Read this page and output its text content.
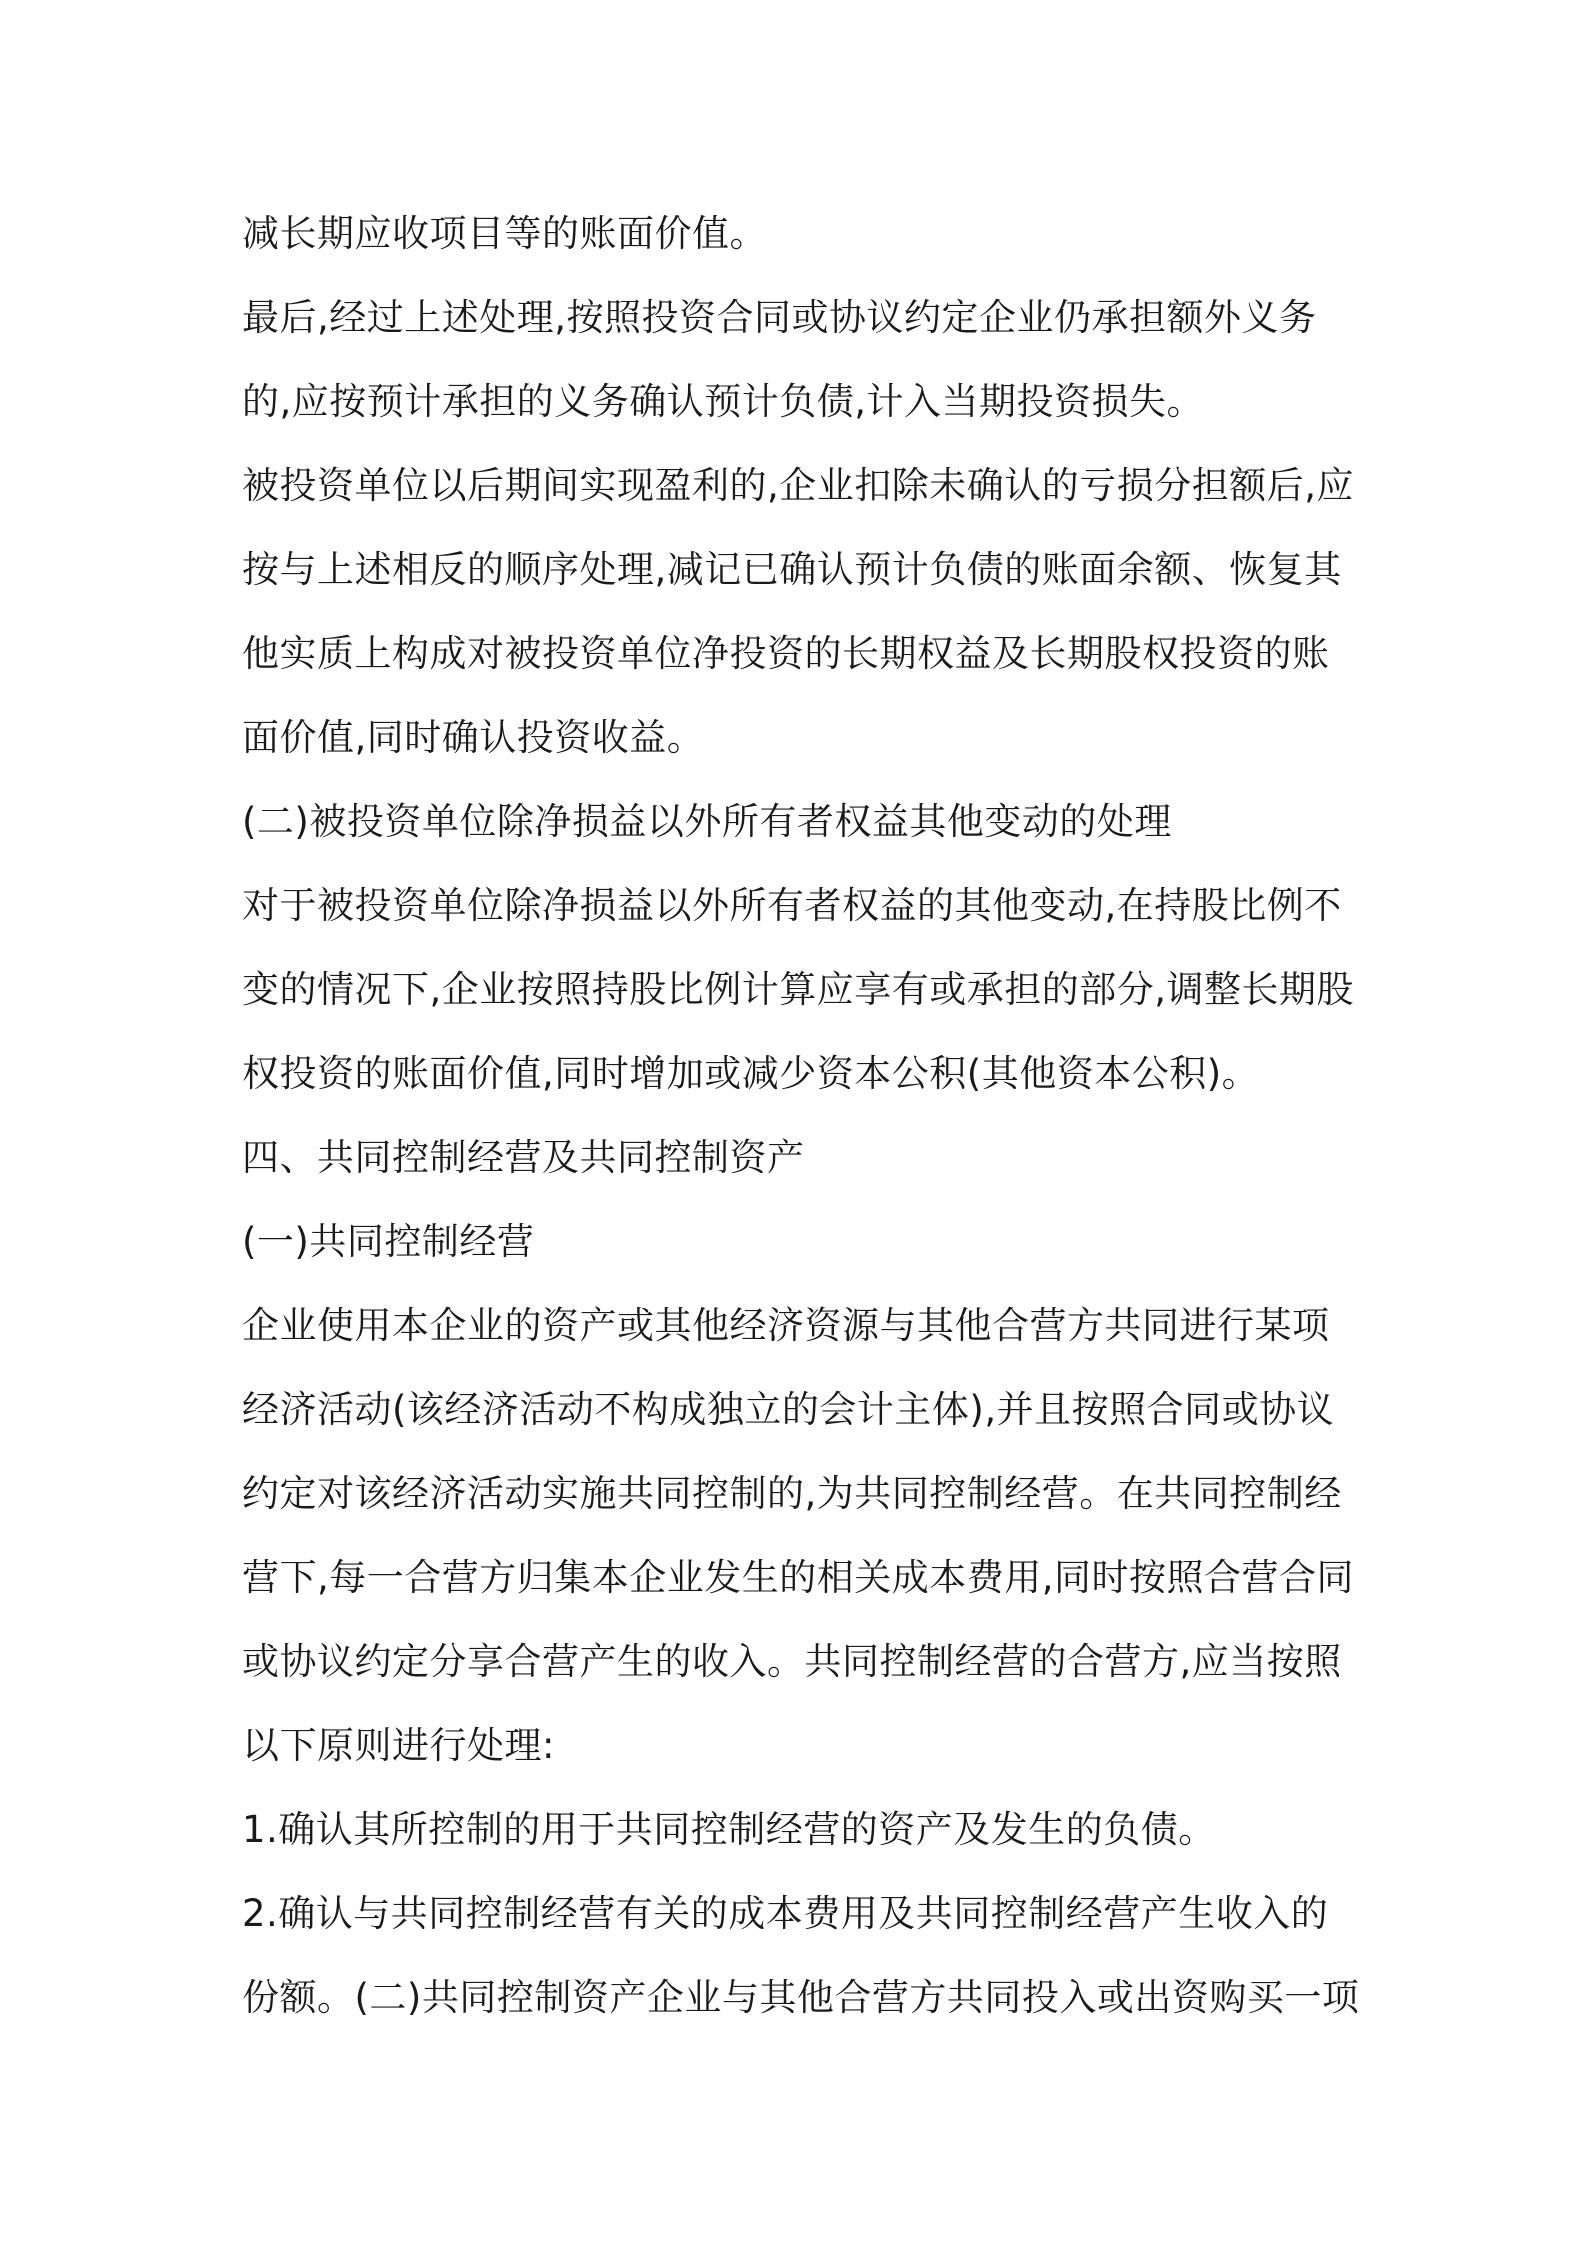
减长期应收项目等的账面价值。
最后,经过上述处理,按照投资合同或协议约定企业仍承担额外义务
的,应按预计承担的义务确认预计负债,计入当期投资损失。
被投资单位以后期间实现盈利的,企业扣除未确认的亏损分担额后,应
按与上述相反的顺序处理,减记已确认预计负债的账面余额、恢复其
他实质上构成对被投资单位净投资的长期权益及长期股权投资的账
面价值,同时确认投资收益。
(二)被投资单位除净损益以外所有者权益其他变动的处理
对于被投资单位除净损益以外所有者权益的其他变动,在持股比例不
变的情况下,企业按照持股比例计算应享有或承担的部分,调整长期股
权投资的账面价值,同时增加或减少资本公积(其他资本公积)。
四、共同控制经营及共同控制资产
(一)共同控制经营
企业使用本企业的资产或其他经济资源与其他合营方共同进行某项
经济活动(该经济活动不构成独立的会计主体),并且按照合同或协议
约定对该经济活动实施共同控制的,为共同控制经营。在共同控制经
营下,每一合营方归集本企业发生的相关成本费用,同时按照合营合同
或协议约定分享合营产生的收入。共同控制经营的合营方,应当按照
以下原则进行处理:
1.确认其所控制的用于共同控制经营的资产及发生的负债。
2.确认与共同控制经营有关的成本费用及共同控制经营产生收入的
份额。(二)共同控制资产企业与其他合营方共同投入或出资购买一项
